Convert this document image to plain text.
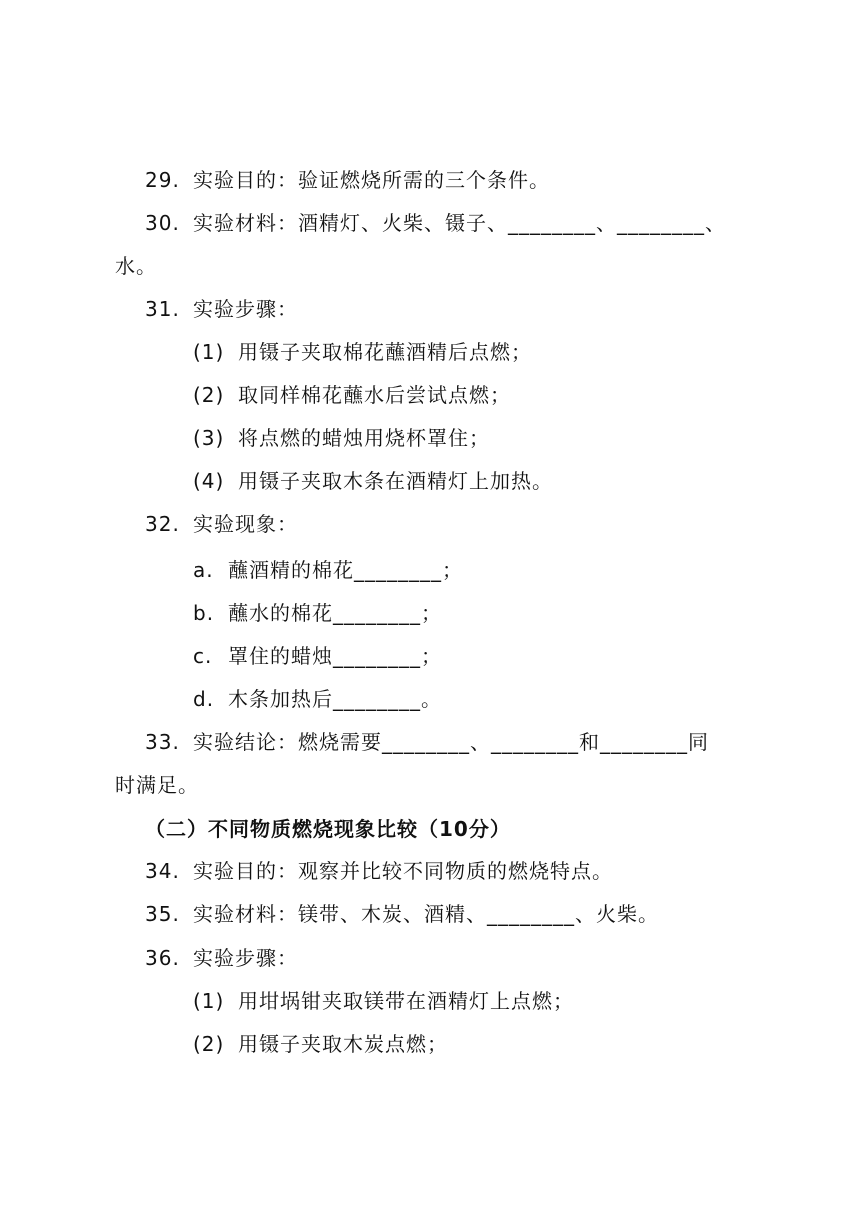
29. 实验目的：验证燃烧所需的三个条件。
30. 实验材料：酒精灯、火柴、镊子、________、________、
水。
31. 实验步骤：
(1) 用镊子夹取棉花蘸酒精后点燃；
(2) 取同样棉花蘸水后尝试点燃；
(3) 将点燃的蜡烛用烧杯罩住；
(4) 用镊子夹取木条在酒精灯上加热。
32. 实验现象：
a. 蘸酒精的棉花________；
b. 蘸水的棉花________；
c. 罩住的蜡烛________；
d. 木条加热后________。
33. 实验结论：燃烧需要________、________和________同
时满足。
（二）不同物质燃烧现象比较（10分）
34. 实验目的：观察并比较不同物质的燃烧特点。
35. 实验材料：镁带、木炭、酒精、________、火柴。
36. 实验步骤：
(1) 用坩埚钳夹取镁带在酒精灯上点燃；
(2) 用镊子夹取木炭点燃；
